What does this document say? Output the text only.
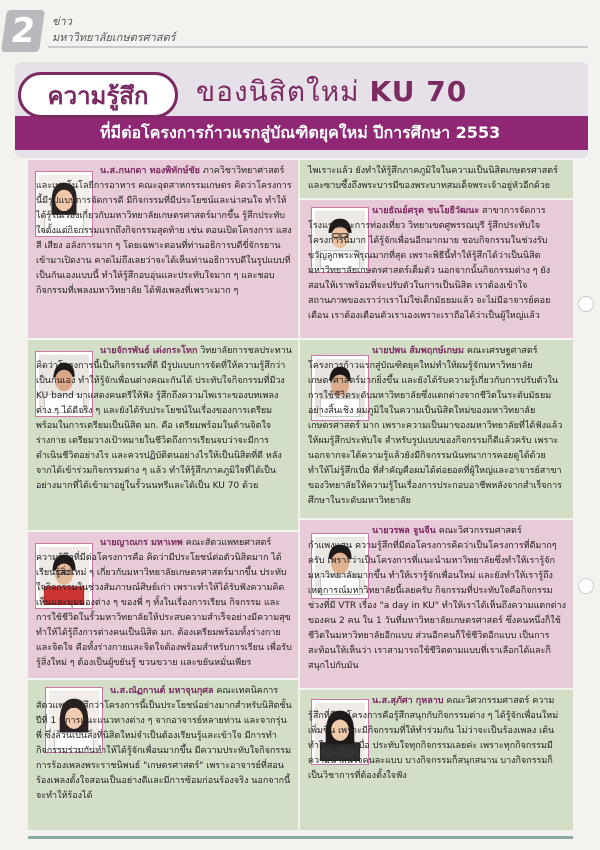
2	ข่าว
มหาวิทยาลัยเกษตรศาสตร์
ความรู้สึก	ของนิสิตใหม่ KU 70
ที่มีต่อโครงการก้าวแรกสู่บัณฑิตยุคใหม่ ปีการศึกษา 2553
น.ส.กนกดา ทองพิทักษ์ชัย ภาควิชาวิทยาศาสตร์และเทคโนโลยีการอาหาร คณะอุตสาหกรรมเกษตร คิดว่าโครงการนี้มีรูปแบบการจัดการดี มีกิจกรรมที่มีประโยชน์และน่าสนใจ ทำให้ได้รู้ในเรื่องเกี่ยวกับมหาวิทยาลัยเกษตรศาสตร์มากขึ้น รู้สึกประทับใจตั้งแต่กิจกรรมแรกถึงกิจกรรมสุดท้าย เช่น ตอนเปิดโครงการ แสง สี เสียง อลังการมาก ๆ โดยเฉพาะตอนที่ท่านอธิการบดีขี่จักรยานเข้ามาเปิดงาน คาดไม่ถึงเลยว่าจะได้เห็นท่านอธิการบดีในรูปแบบที่เป็นกันเองแบบนี้ ทำให้รู้สึกอบอุ่นและประทับใจมาก ๆ และชอบกิจกรรมที่เพลงมหาวิทยาลัย ได้ฟังเพลงที่เพราะมาก ๆ
นายจักรพันธ์ เด่งกระโทก วิทยาลัยการชลประทาน คิดว่าโครงการนี้เป็นกิจกรรมที่ดี มีรูปแบบการจัดที่ให้ความรู้สึกว่าเป็นกันเอง ทำให้รู้จักเพื่อนต่างคณะกันได้ ประทับใจกิจกรรมที่มีวง KU band มาแสดงคนตรีให้ฟัง รู้สึกถึงความไพเราะของบทเพลงต่าง ๆ ได้ดีจริง ๆ และยังได้รับประโยชน์ในเรื่องของการเตรียมพร้อมในการเตรียมเป็นนิสิต มก. คือ เตรียมพร้อมในด้านจิตใจ ร่างกาย เตรียมวางเป้าหมายในชีวิตถึงการเรียนจบว่าจะมีการดำเนินชีวิตอย่างไร และควรปฏิบัติตนอย่างไรให้เป็นนิสิตที่ดี หลังจากได้เข้าร่วมกิจกรรมต่าง ๆ แล้ว ทำให้รู้สึกภาคภูมิใจที่ได้เป็นอย่างมากที่ได้เข้ามาอยู่ในรั้วนนทรีและได้เป็น KU 70 ด้วย
นายญาณกร มหาเทพ คณะสัตวแพทยศาสตร์ ความรู้สึกที่มีต่อโครงการคือ คิดว่ามีประโยชน์ต่อตัวนิสิตมาก ได้เรียนรู้สิ่งใหม่ ๆ เกี่ยวกับมหาวิทยาลัยเกษตรศาสตร์มากขึ้น ประทับใจกิจกรรมในช่วงสัมภาษณ์ศิษย์เก่า เพราะทำให้ได้รับฟังความคิดเห็นและมุมมองต่าง ๆ ของพี่ ๆ ทั้งในเรื่องการเรียน กิจกรรม และการใช้ชีวิตในรั้วมหาวิทยาลัยให้ประสบความสำเร็จอย่างมีความสุข ทำให้ได้รู้ถึงการต่างคนเป็นนิสิต มก. ต้องเตรียมพร้อมทั้งร่างกายและจิตใจ คือทั้งร่างกายและจิตใจต้องพร้อมสำหรับการเรียน เพื่อรับรู้สิ่งใหม่ ๆ ต้องเป็นผู้ขยันรู้ ขวนขวาย และขยันหมั่นเพียร
น.ส.ณัฏกานต์ มหาจุนกุศล คณะเทคนิคการสัตวแพทย์ รู้สึกว่าโครงการนี้เป็นประโยชน์อย่างมากสำหรับนิสิตชั้นปีที่ 1 มีการแนะแนวทางต่าง ๆ จากอาจารย์หลายท่าน และจากรุ่นพี่ ซึ่งล้วนเป็นสิ่งที่นิสิตใหม่จำเป็นต้องเรียนรู้และเข้าใจ มีการทำกิจกรรมร่วมกันทำให้ได้รู้จักเพื่อนมากขึ้น มีความประทับใจกิจกรรมการร้องเพลงพระราชนิพนธ์ "เกษตรศาสตร์" เพราะอาจารย์ที่สอนร้องเพลงตั้งใจสอนเป็นอย่างดีและมีการซ้อมก่อนร้องจริง นอกจากนี้จะทำให้ร้องได้
ไพเราะแล้ว ยังทำให้รู้สึกภาคภูมิใจในความเป็นนิสิตเกษตรศาสตร์ และซาบซึ้งถึงพระบารมีของพระบาทสมเด็จพระเจ้าอยู่หัวอีกด้วย
นายธัณย์ศรุต ชนโยธีวัฒนะ สาขาการจัดการโรงแรมและการท่องเที่ยว วิทยาเขตศูพรรณบุรี รู้สึกประทับใจโครงการนี้มาก ได้รู้จักเพื่อนอีกมากมาย ชอบกิจกรรมในช่วงรับขวัญลูกพระพิรุณมากที่สุด เพราะพิธีนี้ทำให้รู้สึกได้ว่าเป็นนิสิตมหาวิทยาลัยเกษตรศาสตร์เต็มตัว นอกจากนั้นกิจกรรมต่าง ๆ ยังสอนให้เราพร้อมที่จะปรับตัวในการเป็นนิสิต เราต้องเข้าใจสถานภาพของเราว่าเราไม่ใช่เด็กมัธยมแล้ว จะไม่มีอาจารย์คอยเตือน เราต้องเตือนตัวเราเองเพราะเราถือได้ว่าเป็นผู้ใหญ่แล้ว
นายปพน ส้มพฤกษ์เกษม คณะเศรษฐศาสตร์ โครงการก้าวแรกสู่บัณฑิตยุคใหม่ทำให้ผมรู้จักมหาวิทยาลัยเกษตรศาสตร์มากยิ่งขึ้น และยังได้รับความรู้เกี่ยวกับการปรับตัวในการใช้ชีวิตระดับมหาวิทยาลัยซึ่งแตกต่างจากชีวิตในระดับมัธยมอย่างสิ้นเชิง ผมภูมิใจในความเป็นนิสิตใหม่ของมหาวิทยาลัยเกษตรศาสตร์ มาก เพราะความเป็นมาของมหาวิทยาลัยที่ได้ฟังแล้วให้ผมรู้สึกประทับใจ สำหรับรูปแบบของกิจกรรมก็ดีแล้วครับ เพราะนอกจากจะได้ความรู้แล้วยังมีกิจกรรมนันทนาการคอยดูได้ด้วย ทำให้ไม่รู้สึกเบื่อ ที่สำคัญคือผมได้ต่อยอดที่ผู้ใหญ่และอาจารย์สาขาของวิทยาลัยให้ความรู้ในเรื่องการประกอบอาชีพหลังจากสำเร็จการศึกษาในระดับมหาวิทยาลัย
นายวรพล จูนจีน คณะวิศวกรรมศาสตร์ กำแพงแสน ความรู้สึกที่มีต่อโครงการคิดว่าเป็นโครงการที่ดีมากๆ ครับ เพราะว่าเป็นโครงการที่แนะนำมหาวิทยาลัยซึ่งทำให้เรารู้จักมหาวิทยาลัยมากขึ้น ทำให้เรารู้จักเพื่อนใหม่ และยังทำให้เรารู้ถึงเหตุการณ์มหาวิทยาลัยนี้เลยครับ กิจกรรมที่ประทับใจคือกิจกรรมช่วงที่มี VTR เรื่อง "a day in KU" ทำให้เราได้เห็นถึงความแตกต่างของคน 2 คน ใน 1 วันที่มหาวิทยาลัยเกษตรศาสตร์ ซึ่งคนหนึ่งก็ใช้ชีวิตในมหาวิทยาลัยอีกแบบ ส่วนอีกคนก็ใช้ชีวิตอีกแบบ เป็นการสะท้อนให้เห็นว่า เราสามารถใช้ชีวิตตามแบบที่เราเลือกได้และก็สนุกไปกับมัน
น.ส.สุภัศา กุหลาบ คณะวิศวกรรมศาสตร์ ความรู้สึกที่มีต่อโครงการคือรู้สึกสนุกกับกิจกรรมต่าง ๆ ได้รู้จักเพื่อนใหม่เพิ่มขึ้น เพราะมีกิจกรรมที่ให้ทำร่วมกัน ไม่ว่าจะเป็นร้องเพลง เต้น ทำให้รู้สึกไม่เบื่อ ประทับใจทุกกิจกรรมเลยค่ะ เพราะทุกกิจกรรมมีความน่าสนใจคนละแบบ บางกิจกรรมก็สนุกสนาน บางกิจกรรมก็เป็นวิชาการที่ต้องตั้งใจฟัง
